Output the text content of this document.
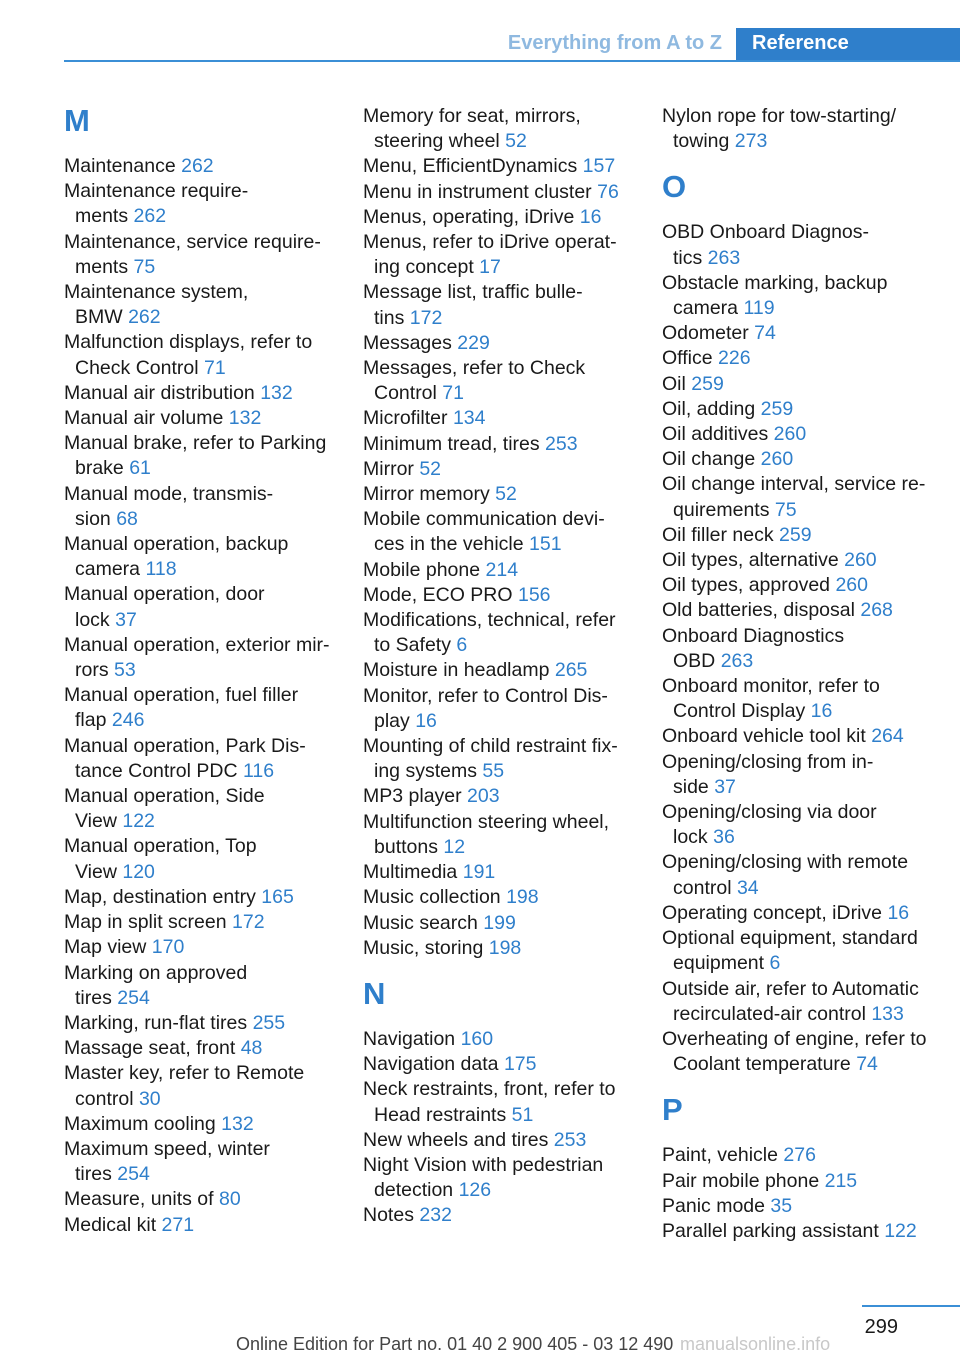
Everything from A to Z	Reference
M
Maintenance 262
Maintenance require-
ments 262
Maintenance, service require-
ments 75
Maintenance system,
BMW 262
Malfunction displays, refer to
Check Control 71
Manual air distribution 132
Manual air volume 132
Manual brake, refer to Parking
brake 61
Manual mode, transmis-
sion 68
Manual operation, backup
camera 118
Manual operation, door
lock 37
Manual operation, exterior mir-
rors 53
Manual operation, fuel filler
flap 246
Manual operation, Park Dis-
tance Control PDC 116
Manual operation, Side
View 122
Manual operation, Top
View 120
Map, destination entry 165
Map in split screen 172
Map view 170
Marking on approved
tires 254
Marking, run-flat tires 255
Massage seat, front 48
Master key, refer to Remote
control 30
Maximum cooling 132
Maximum speed, winter
tires 254
Measure, units of 80
Medical kit 271
Memory for seat, mirrors,
steering wheel 52
Menu, EfficientDynamics 157
Menu in instrument cluster 76
Menus, operating, iDrive 16
Menus, refer to iDrive operat-
ing concept 17
Message list, traffic bulle-
tins 172
Messages 229
Messages, refer to Check
Control 71
Microfilter 134
Minimum tread, tires 253
Mirror 52
Mirror memory 52
Mobile communication devi-
ces in the vehicle 151
Mobile phone 214
Mode, ECO PRO 156
Modifications, technical, refer
to Safety 6
Moisture in headlamp 265
Monitor, refer to Control Dis-
play 16
Mounting of child restraint fix-
ing systems 55
MP3 player 203
Multifunction steering wheel,
buttons 12
Multimedia 191
Music collection 198
Music search 199
Music, storing 198
N
Navigation 160
Navigation data 175
Neck restraints, front, refer to
Head restraints 51
New wheels and tires 253
Night Vision with pedestrian
detection 126
Notes 232
Nylon rope for tow-starting/
towing 273
O
OBD Onboard Diagnos-
tics 263
Obstacle marking, backup
camera 119
Odometer 74
Office 226
Oil 259
Oil, adding 259
Oil additives 260
Oil change 260
Oil change interval, service re-
quirements 75
Oil filler neck 259
Oil types, alternative 260
Oil types, approved 260
Old batteries, disposal 268
Onboard Diagnostics
OBD 263
Onboard monitor, refer to
Control Display 16
Onboard vehicle tool kit 264
Opening/closing from in-
side 37
Opening/closing via door
lock 36
Opening/closing with remote
control 34
Operating concept, iDrive 16
Optional equipment, standard
equipment 6
Outside air, refer to Automatic
recirculated-air control 133
Overheating of engine, refer to
Coolant temperature 74
P
Paint, vehicle 276
Pair mobile phone 215
Panic mode 35
Parallel parking assistant 122
299
Online Edition for Part no. 01 40 2 900 405 - 03 12 490 manualsonline.info
